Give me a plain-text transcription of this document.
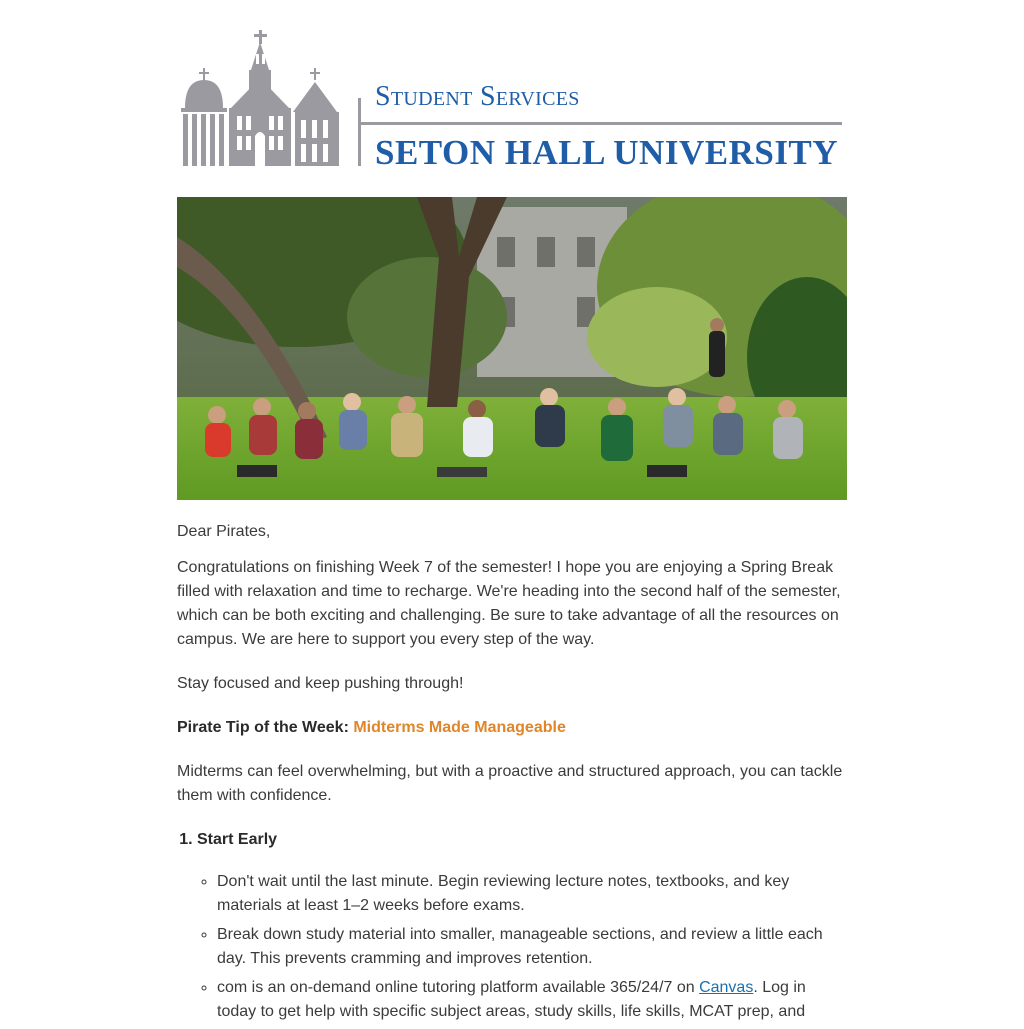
Student Services
SETON HALL UNIVERSITY

Dear Pirates,

Congratulations on finishing Week 7 of the semester! I hope you are enjoying a Spring Break filled with relaxation and time to recharge. We're heading into the second half of the semester, which can be both exciting and challenging. Be sure to take advantage of all the resources on campus. We are here to support you every step of the way.

Stay focused and keep pushing through!

Pirate Tip of the Week: Midterms Made Manageable

Midterms can feel overwhelming, but with a proactive and structured approach, you can tackle them with confidence.

1. Start Early
◦ Don't wait until the last minute. Begin reviewing lecture notes, textbooks, and key materials at least 1–2 weeks before exams.
◦ Break down study material into smaller, manageable sections, and review a little each day. This prevents cramming and improves retention.
◦ com is an on-demand online tutoring platform available 365/24/7 on Canvas. Log in today to get help with specific subject areas, study skills, life skills, MCAT prep, and
